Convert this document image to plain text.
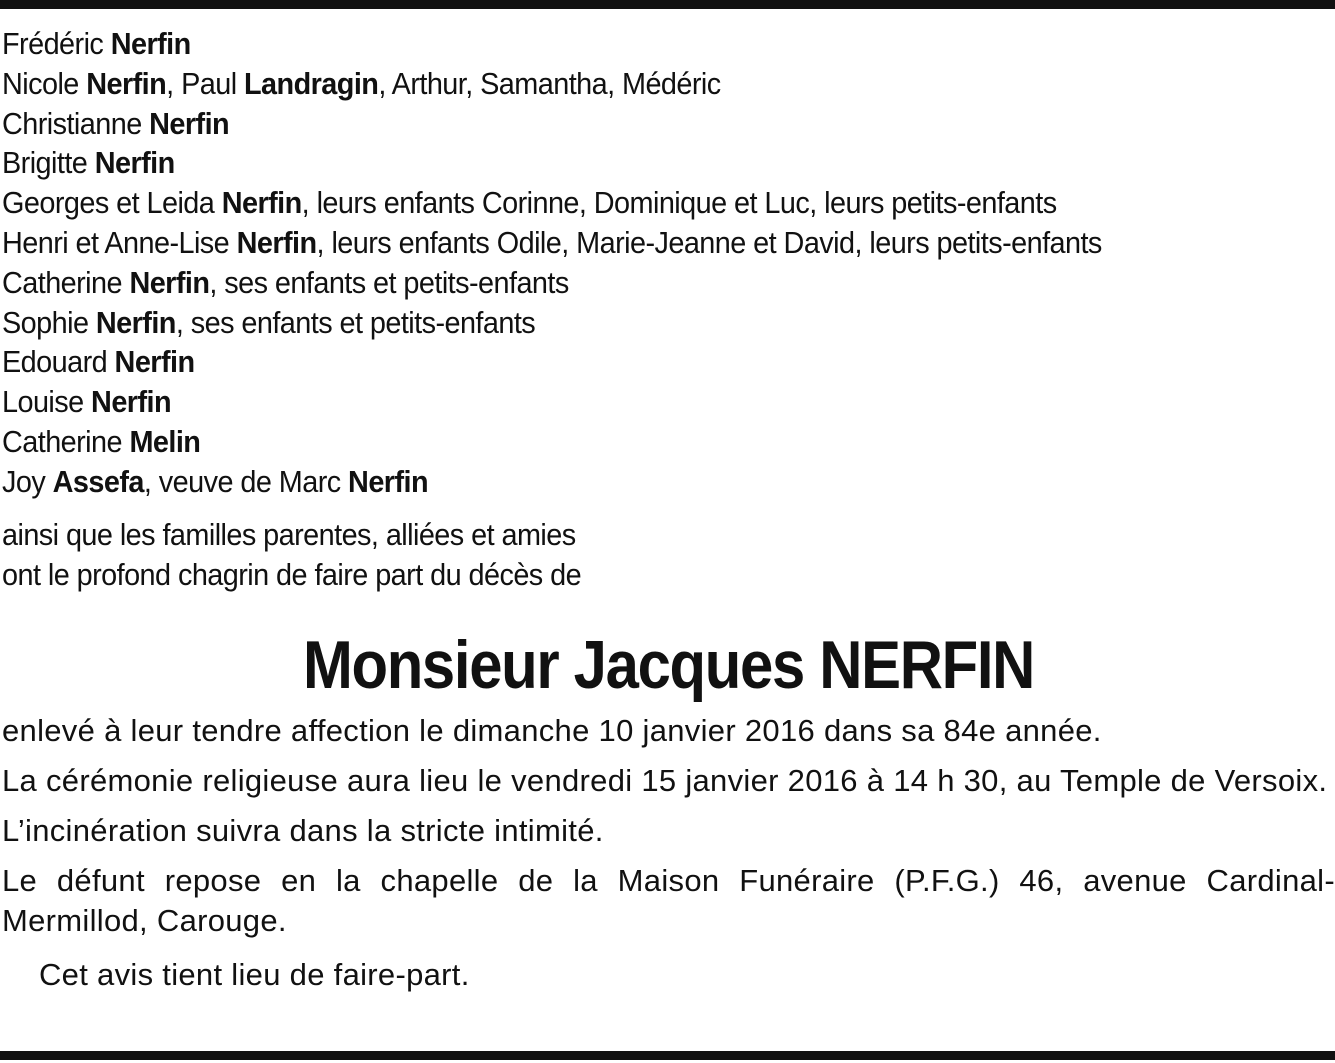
Frédéric Nerfin
Nicole Nerfin, Paul Landragin, Arthur, Samantha, Médéric
Christianne Nerfin
Brigitte Nerfin
Georges et Leida Nerfin, leurs enfants Corinne, Dominique et Luc, leurs petits-enfants
Henri et Anne-Lise Nerfin, leurs enfants Odile, Marie-Jeanne et David, leurs petits-enfants
Catherine Nerfin, ses enfants et petits-enfants
Sophie Nerfin, ses enfants et petits-enfants
Edouard Nerfin
Louise Nerfin
Catherine Melin
Joy Assefa, veuve de Marc Nerfin
ainsi que les familles parentes, alliées et amies
ont le profond chagrin de faire part du décès de
Monsieur Jacques NERFIN
enlevé à leur tendre affection le dimanche 10 janvier 2016 dans sa 84e année.
La cérémonie religieuse aura lieu le vendredi 15 janvier 2016 à 14 h 30, au Temple de Versoix.
L’incinération suivra dans la stricte intimité.
Le défunt repose en la chapelle de la Maison Funéraire (P.F.G.) 46, avenue Cardinal-Mermillod, Carouge.
Cet avis tient lieu de faire-part.
